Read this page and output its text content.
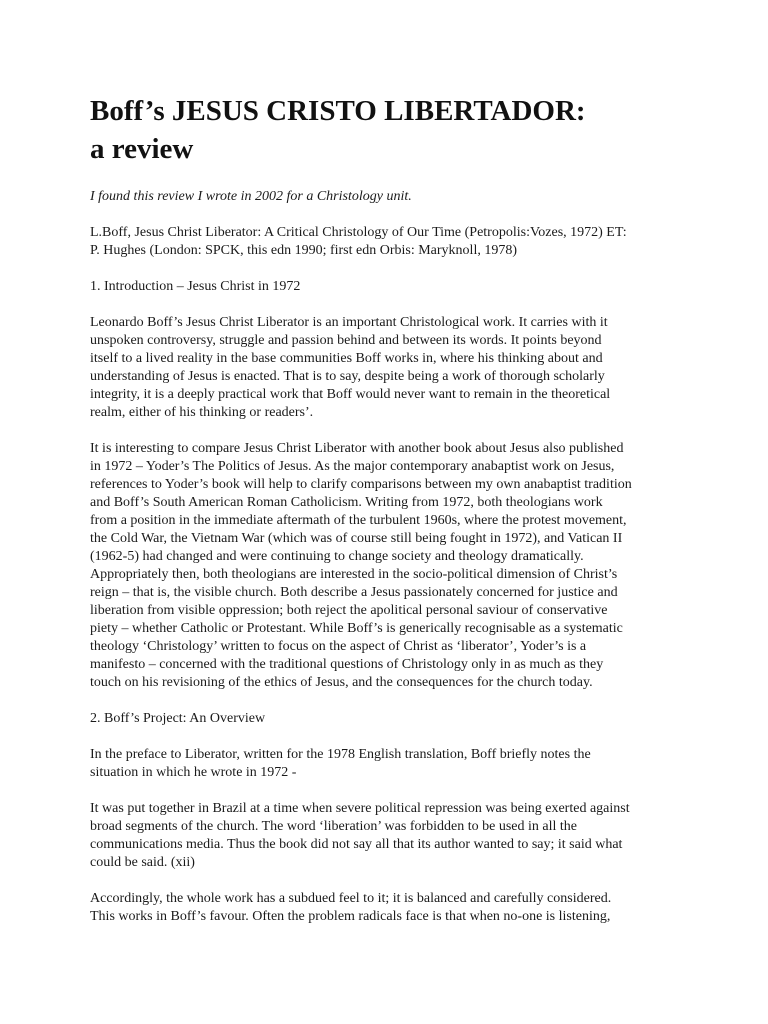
Boff’s JESUS CRISTO LIBERTADOR:
a review

I found this review I wrote in 2002 for a Christology unit.

L.Boff, Jesus Christ Liberator: A Critical Christology of Our Time (Petropolis:Vozes, 1972) ET:
P. Hughes (London: SPCK, this edn 1990; first edn Orbis: Maryknoll, 1978)

1. Introduction – Jesus Christ in 1972

Leonardo Boff’s Jesus Christ Liberator is an important Christological work. It carries with it
unspoken controversy, struggle and passion behind and between its words. It points beyond
itself to a lived reality in the base communities Boff works in, where his thinking about and
understanding of Jesus is enacted. That is to say, despite being a work of thorough scholarly
integrity, it is a deeply practical work that Boff would never want to remain in the theoretical
realm, either of his thinking or readers’.

It is interesting to compare Jesus Christ Liberator with another book about Jesus also published
in 1972 – Yoder’s The Politics of Jesus. As the major contemporary anabaptist work on Jesus,
references to Yoder’s book will help to clarify comparisons between my own anabaptist tradition
and Boff’s South American Roman Catholicism. Writing from 1972, both theologians work
from a position in the immediate aftermath of the turbulent 1960s, where the protest movement,
the Cold War, the Vietnam War (which was of course still being fought in 1972), and Vatican II
(1962-5) had changed and were continuing to change society and theology dramatically.
Appropriately then, both theologians are interested in the socio-political dimension of Christ’s
reign – that is, the visible church. Both describe a Jesus passionately concerned for justice and
liberation from visible oppression; both reject the apolitical personal saviour of conservative
piety – whether Catholic or Protestant. While Boff’s is generically recognisable as a systematic
theology ‘Christology’ written to focus on the aspect of Christ as ‘liberator’, Yoder’s is a
manifesto – concerned with the traditional questions of Christology only in as much as they
touch on his revisioning of the ethics of Jesus, and the consequences for the church today.

2. Boff’s Project: An Overview

In the preface to Liberator, written for the 1978 English translation, Boff briefly notes the
situation in which he wrote in 1972 -

It was put together in Brazil at a time when severe political repression was being exerted against
broad segments of the church. The word ‘liberation’ was forbidden to be used in all the
communications media. Thus the book did not say all that its author wanted to say; it said what
could be said. (xii)

Accordingly, the whole work has a subdued feel to it; it is balanced and carefully considered.
This works in Boff’s favour. Often the problem radicals face is that when no-one is listening,
